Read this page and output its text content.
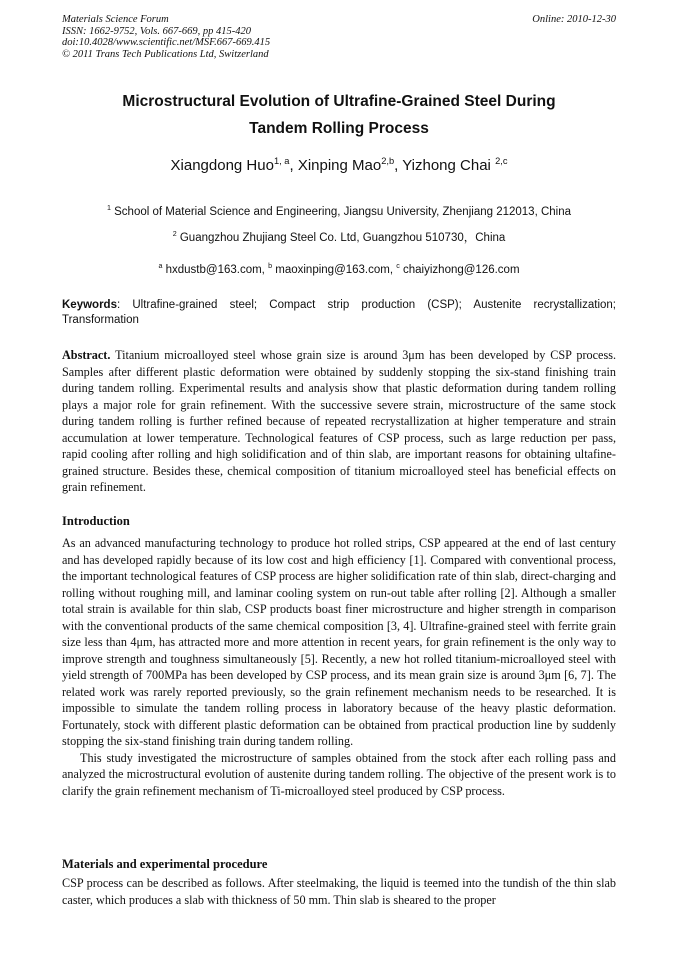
Materials Science Forum
ISSN: 1662-9752, Vols. 667-669, pp 415-420
doi:10.4028/www.scientific.net/MSF.667-669.415
© 2011 Trans Tech Publications Ltd, Switzerland
Online: 2010-12-30
Microstructural Evolution of Ultrafine-Grained Steel During
Tandem Rolling Process
Xiangdong Huo$^{1, a}$, Xinping Mao$^{2,b}$, Yizhong Chai $^{2,c}$
$^1$ School of Material Science and Engineering, Jiangsu University, Zhenjiang 212013, China
$^2$ Guangzhou Zhujiang Steel Co. Ltd, Guangzhou 510730，China
$^a$ hxdustb@163.com, $^b$ maoxinping@163.com, $^c$ chaiyizhong@126.com
Keywords: Ultrafine-grained steel; Compact strip production (CSP); Austenite recrystallization; Transformation

Abstract. Titanium microalloyed steel whose grain size is around 3μm has been developed by CSP process. Samples after different plastic deformation were obtained by suddenly stopping the six-stand finishing train during tandem rolling. Experimental results and analysis show that plastic deformation during tandem rolling plays a major role for grain refinement. With the successive severe strain, microstructure of the same stock during tandem rolling is further refined because of repeated recrystallization at higher temperature and strain accumulation at lower temperature. Technological features of CSP process, such as large reduction per pass, rapid cooling after rolling and high solidification and of thin slab, are important reasons for obtaining ultafine-grained structure. Besides these, chemical composition of titanium microalloyed steel has beneficial effects on grain refinement.

Introduction

As an advanced manufacturing technology to produce hot rolled strips, CSP appeared at the end of last century and has developed rapidly because of its low cost and high efficiency [1]. Compared with conventional process, the important technological features of CSP process are higher solidification rate of thin slab, direct-charging and rolling without roughing mill, and laminar cooling system on run-out table after rolling [2]. Although a smaller total strain is available for thin slab, CSP products boast finer microstructure and higher strength in comparison with the conventional products of the same chemical composition [3, 4]. Ultrafine-grained steel with ferrite grain size less than 4μm, has attracted more and more attention in recent years, for grain refinement is the only way to improve strength and toughness simultaneously [5]. Recently, a new hot rolled titanium-microalloyed steel with yield strength of 700MPa has been developed by CSP process, and its mean grain size is around 3μm [6, 7]. The related work was rarely reported previously, so the grain refinement mechanism needs to be researched. It is impossible to simulate the tandem rolling process in laboratory because of the heavy plastic deformation. Fortunately, stock with different plastic deformation can be obtained from practical production line by suddenly stopping the six-stand finishing train during tandem rolling.

This study investigated the microstructure of samples obtained from the stock after each rolling pass and analyzed the microstructural evolution of austenite during tandem rolling. The objective of the present work is to clarify the grain refinement mechanism of Ti-microalloyed steel produced by CSP process.

Materials and experimental procedure

CSP process can be described as follows. After steelmaking, the liquid is teemed into the tundish of the thin slab caster, which produces a slab with thickness of 50 mm. Thin slab is sheared to the proper
